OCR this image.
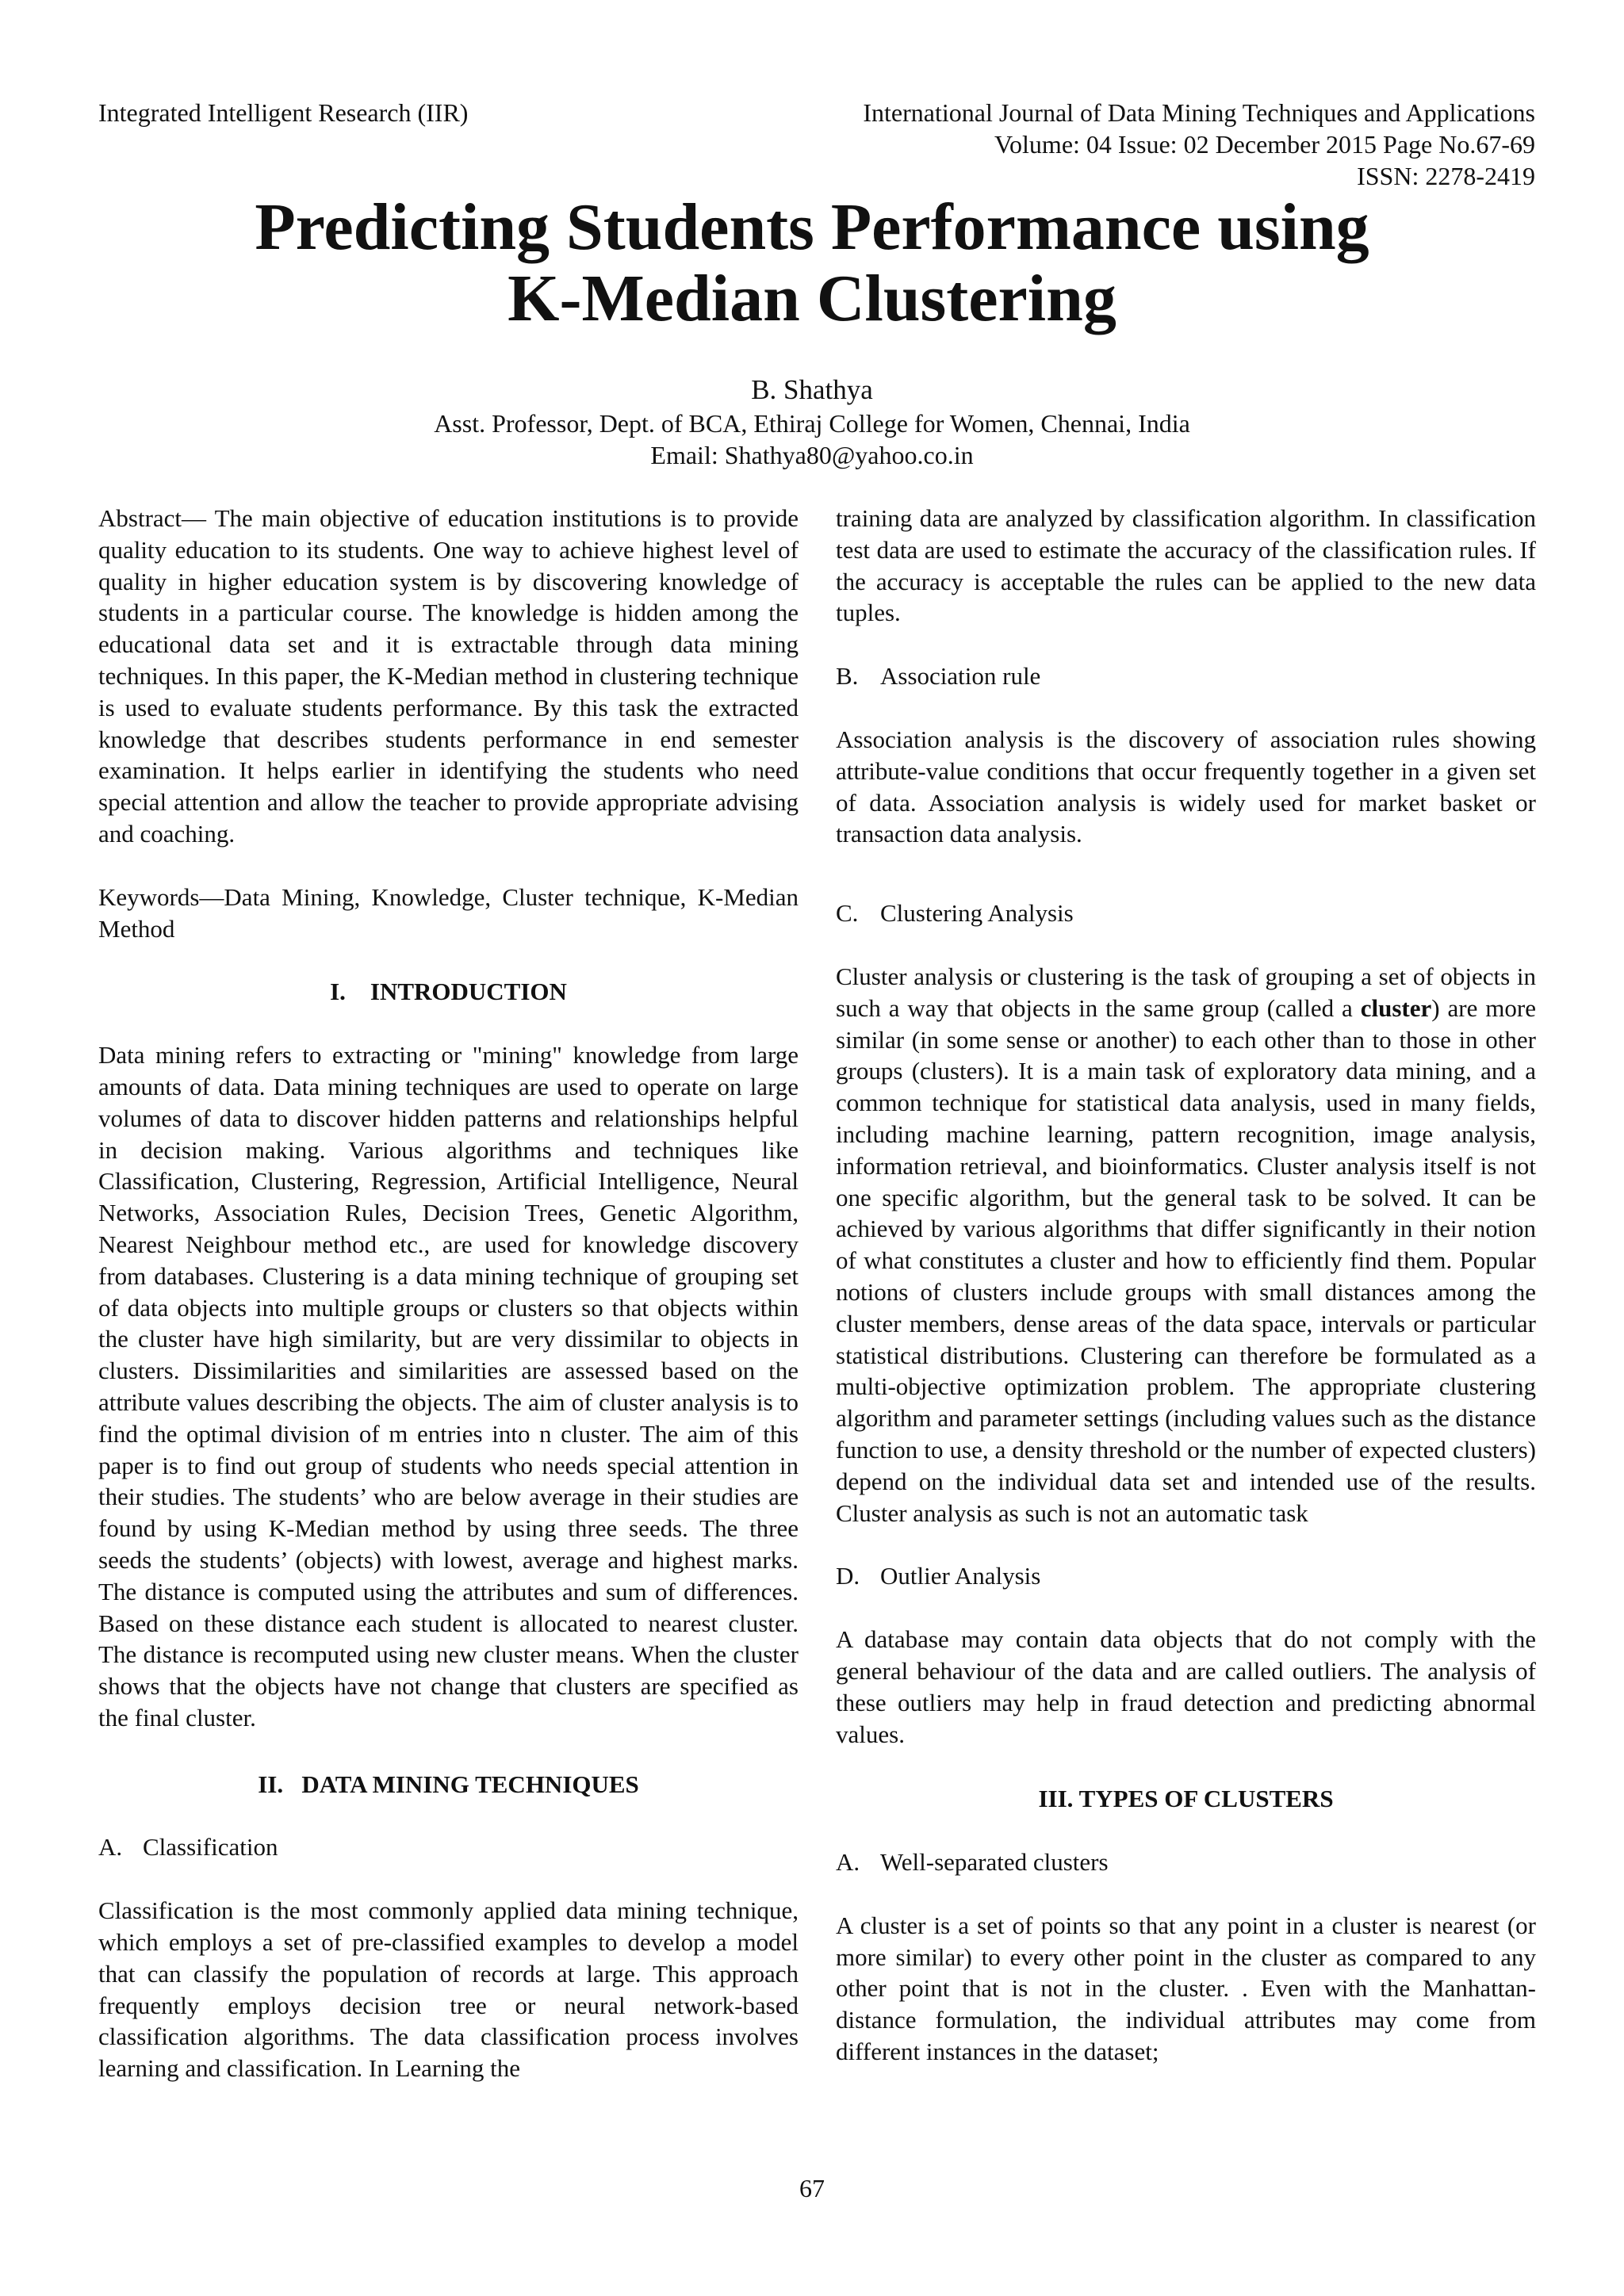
Integrated Intelligent Research (IIR)	International Journal of Data Mining Techniques and Applications
Volume: 04 Issue: 02 December 2015 Page No.67-69
ISSN: 2278-2419
Predicting Students Performance using
K-Median Clustering
B. Shathya
Asst. Professor, Dept. of BCA, Ethiraj College for Women, Chennai, India
Email: Shathya80@yahoo.co.in

Abstract— The main objective of education institutions is to provide quality education to its students. One way to achieve highest level of quality in higher education system is by discovering knowledge of students in a particular course. The knowledge is hidden among the educational data set and it is extractable through data mining techniques. In this paper, the K-Median method in clustering technique is used to evaluate students performance. By this task the extracted knowledge that describes students performance in end semester examination. It helps earlier in identifying the students who need special attention and allow the teacher to provide appropriate advising and coaching.

Keywords—Data Mining, Knowledge, Cluster technique, K-Median Method

I.    INTRODUCTION

Data mining refers to extracting or "mining" knowledge from large amounts of data. Data mining techniques are used to operate on large volumes of data to discover hidden patterns and relationships helpful in decision making. Various algorithms and techniques like Classification, Clustering, Regression, Artificial Intelligence, Neural Networks, Association Rules, Decision Trees, Genetic Algorithm, Nearest Neighbour method etc., are used for knowledge discovery from databases. Clustering is a data mining technique of grouping set of data objects into multiple groups or clusters so that objects within the cluster have high similarity, but are very dissimilar to objects in clusters. Dissimilarities and similarities are assessed based on the attribute values describing the objects. The aim of cluster analysis is to find the optimal division of m entries into n cluster. The aim of this paper is to find out group of students who needs special attention in their studies. The students’ who are below average in their studies are found by using K-Median method by using three seeds. The three seeds the students’ (objects) with lowest, average and highest marks. The distance is computed using the attributes and sum of differences. Based on these distance each student is allocated to nearest cluster. The distance is recomputed using new cluster means. When the cluster shows that the objects have not change that clusters are specified as the final cluster.

II.   DATA MINING TECHNIQUES

A. Classification

Classification is the most commonly applied data mining technique, which employs a set of pre-classified examples to develop a model that can classify the population of records at large. This approach frequently employs decision tree or neural network-based classification algorithms. The data classification process involves learning and classification. In Learning the

training data are analyzed by classification algorithm. In classification test data are used to estimate the accuracy of the classification rules. If the accuracy is acceptable the rules can be applied to the new data tuples.

B. Association rule

Association analysis is the discovery of association rules showing attribute-value conditions that occur frequently together in a given set of data. Association analysis is widely used for market basket or transaction data analysis.

C. Clustering Analysis

Cluster analysis or clustering is the task of grouping a set of objects in such a way that objects in the same group (called a cluster) are more similar (in some sense or another) to each other than to those in other groups (clusters). It is a main task of exploratory data mining, and a common technique for statistical data analysis, used in many fields, including machine learning, pattern recognition, image analysis, information retrieval, and bioinformatics. Cluster analysis itself is not one specific algorithm, but the general task to be solved. It can be achieved by various algorithms that differ significantly in their notion of what constitutes a cluster and how to efficiently find them. Popular notions of clusters include groups with small distances among the cluster members, dense areas of the data space, intervals or particular statistical distributions. Clustering can therefore be formulated as a multi-objective optimization problem. The appropriate clustering algorithm and parameter settings (including values such as the distance function to use, a density threshold or the number of expected clusters) depend on the individual data set and intended use of the results. Cluster analysis as such is not an automatic task

D. Outlier Analysis

A database may contain data objects that do not comply with the general behaviour of the data and are called outliers. The analysis of these outliers may help in fraud detection and predicting abnormal values.

III. TYPES OF CLUSTERS

A. Well-separated clusters

A cluster is a set of points so that any point in a cluster is nearest (or more similar) to every other point in the cluster as compared to any other point that is not in the cluster. . Even with the Manhattan-distance formulation, the individual attributes may come from different instances in the dataset;

67
